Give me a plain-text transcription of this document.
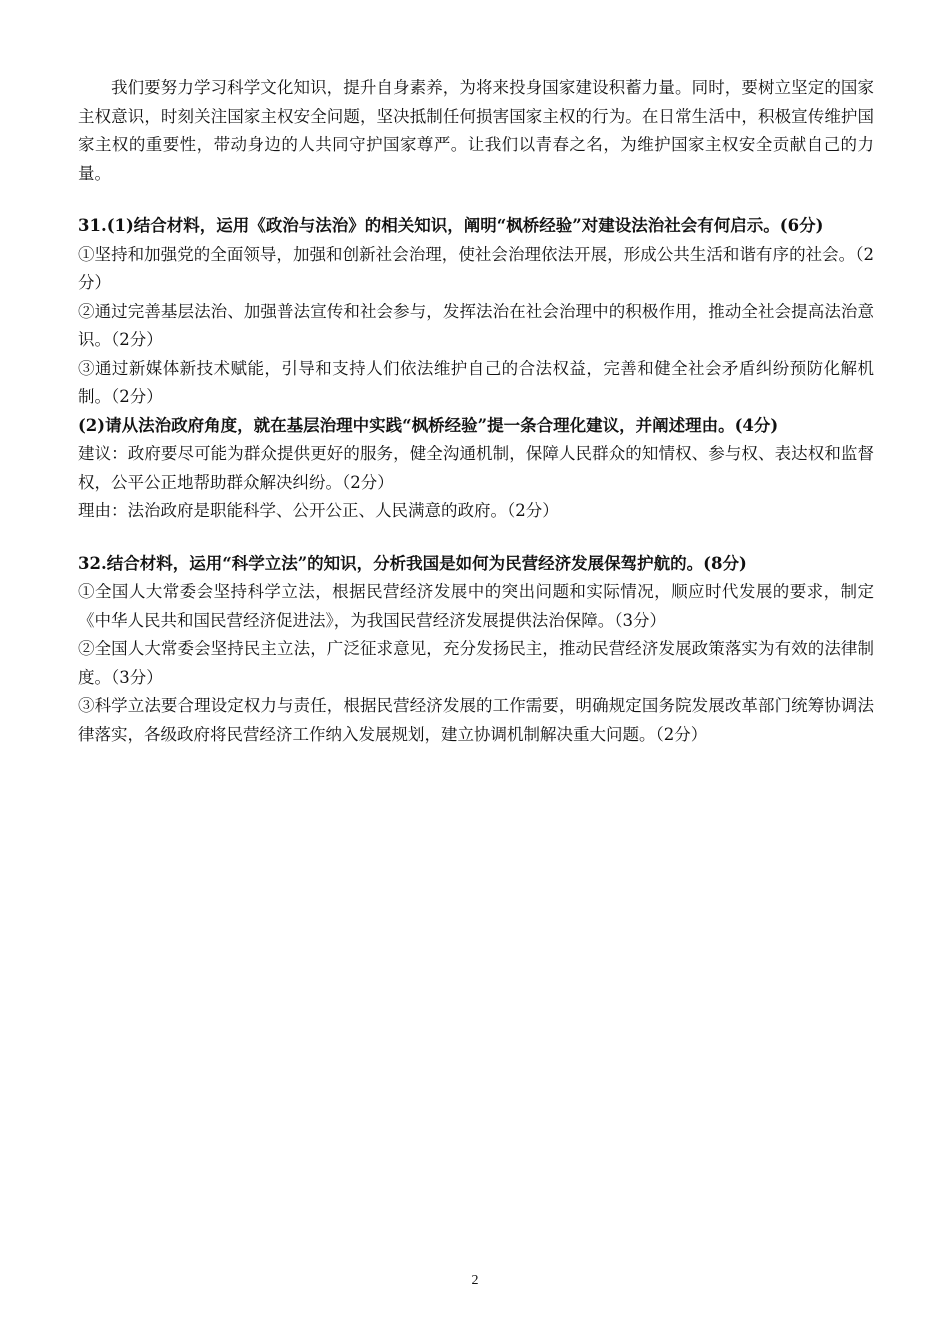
我们要努力学习科学文化知识，提升自身素养，为将来投身国家建设积蓄力量。同时，要树立坚定的国家主权意识，时刻关注国家主权安全问题，坚决抵制任何损害国家主权的行为。在日常生活中，积极宣传维护国家主权的重要性，带动身边的人共同守护国家尊严。让我们以青春之名，为维护国家主权安全贡献自己的力量。

31.(1)结合材料，运用《政治与法治》的相关知识，阐明“枫桥经验”对建设法治社会有何启示。(6分)

①坚持和加强党的全面领导，加强和创新社会治理，使社会治理依法开展，形成公共生活和谐有序的社会。（2分）

②通过完善基层法治、加强普法宣传和社会参与，发挥法治在社会治理中的积极作用，推动全社会提高法治意识。（2分）

③通过新媒体新技术赋能，引导和支持人们依法维护自己的合法权益，完善和健全社会矛盾纠纷预防化解机制。（2分）

(2)请从法治政府角度，就在基层治理中实践“枫桥经验”提一条合理化建议，并阐述理由。(4分)

建议：政府要尽可能为群众提供更好的服务，健全沟通机制，保障人民群众的知情权、参与权、表达权和监督权，公平公正地帮助群众解决纠纷。（2分）

理由：法治政府是职能科学、公开公正、人民满意的政府。（2分）

32.结合材料，运用“科学立法”的知识，分析我国是如何为民营经济发展保驾护航的。(8分)

①全国人大常委会坚持科学立法，根据民营经济发展中的突出问题和实际情况，顺应时代发展的要求，制定《中华人民共和国民营经济促进法》，为我国民营经济发展提供法治保障。（3分）

②全国人大常委会坚持民主立法，广泛征求意见，充分发扬民主，推动民营经济发展政策落实为有效的法律制度。（3分）

③科学立法要合理设定权力与责任，根据民营经济发展的工作需要，明确规定国务院发展改革部门统筹协调法律落实，各级政府将民营经济工作纳入发展规划，建立协调机制解决重大问题。（2分）

2
